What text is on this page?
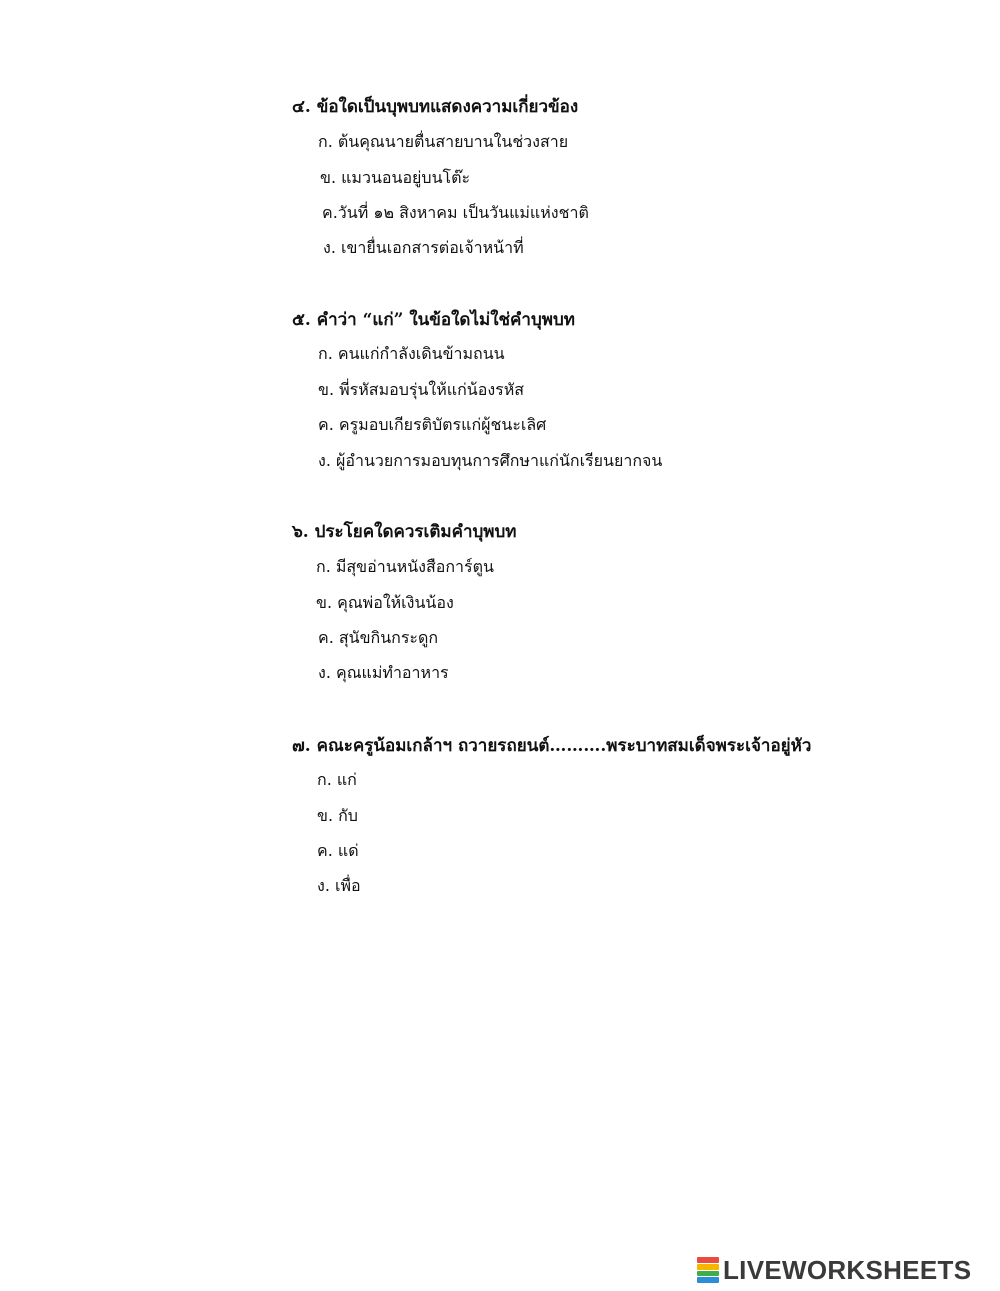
๔. ข้อใดเป็นบุพบทแสดงความเกี่ยวข้อง
ก. ต้นคุณนายตื่นสายบานในช่วงสาย
ข. แมวนอนอยู่บนโต๊ะ
ค.วันที่ ๑๒ สิงหาคม เป็นวันแม่แห่งชาติ
ง. เขายื่นเอกสารต่อเจ้าหน้าที่
๕. คำว่า “แก่” ในข้อใดไม่ใช่คำบุพบท
ก. คนแก่กำลังเดินข้ามถนน
ข. พี่รหัสมอบรุ่นให้แก่น้องรหัส
ค. ครูมอบเกียรติบัตรแก่ผู้ชนะเลิศ
ง. ผู้อำนวยการมอบทุนการศึกษาแก่นักเรียนยากจน
๖. ประโยคใดควรเติมคำบุพบท
ก. มีสุขอ่านหนังสือการ์ตูน
ข. คุณพ่อให้เงินน้อง
ค. สุนัขกินกระดูก
ง. คุณแม่ทำอาหาร
๗. คณะครูน้อมเกล้าฯ ถวายรถยนต์……….พระบาทสมเด็จพระเจ้าอยู่หัว
ก. แก่
ข. กับ
ค. แด่
ง. เพื่อ
LIVEWORKSHEETS
